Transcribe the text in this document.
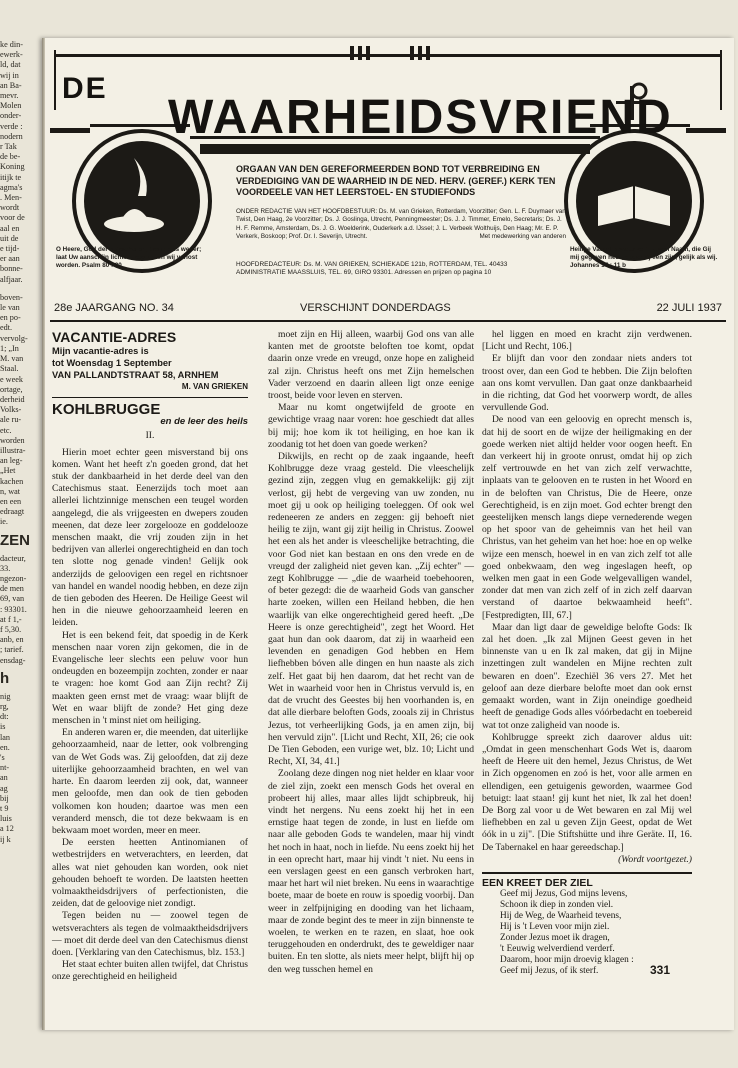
ke din-
ewerk-
ld, dat
wij in
an Ba-
mevr.
Molen
onder-
verde :
nodern
r Tak
de be-
Koning
itijk te
agma's
. Men-
wordt
voor de
aal en
uit de
e tijd-
er aan
bonne-
alfjaar.
boven-
le van
en po-
edt.
vervolg-
1; „In
M. van
Staal.
e week
ortage,
derheid
Volks-
ale ru-
etc.
worden
illustra-
an leg-
„Het
kachen
n, wat
en een
edraagt
ie.
ZEN
dacteur,
33.
ngezon-
de men
69, van
: 93301.
at f 1,-
f 5,30.
anb, en
; tarief.
ensdag-
h
nig
rg,
dt:
is
lan
en.
's
nt-
an
ag
bij
t 9
luis
a 12
ij k
DE
WAARHEIDSVRIEND
ORGAAN VAN DEN GEREFORMEERDEN BOND TOT VERBREIDING EN VERDEDIGING VAN DE WAARHEID IN DE NED. HERV. (GEREF.) KERK TEN VOORDEELE VAN HET LEERSTOEL- EN STUDIEFONDS
ONDER REDACTIE VAN HET HOOFDBESTUUR: Ds. M. van Grieken, Rotterdam, Voorzitter; Gen. L. F. Duymaer van Twist, Den Haag, 2e Voorzitter; Ds. J. Goslinga, Utrecht, Penningmeester; Ds. J. J. Timmer, Emelo, Secretaris; Ds. J. H. F. Remme, Amsterdam, Ds. J. G. Woelderink, Ouderkerk a.d. IJssel; J. L. Verbeek Wolthuijs, Den Haag; Mr. E. P. Verkerk, Boskoop; Prof. Dr. I. Severijn, Utrecht.	Met medewerking van anderen
HOOFDREDACTEUR: Ds. M. VAN GRIEKEN, SCHIEKADE 121b, ROTTERDAM, TEL. 40433
ADMINISTRATIE MAASSLUIS, TEL. 69, GIRO 93301. Adressen en prijzen op pagina 10
O Heere, God der heirscharen, breng ons weder; laat Uw aanschijn lichten, zoo zullen wij verlost worden. Psalm 80 : 20
Heilige Vader! bewaar ze in Uwen Naam, die Gij mij gegeven hebt, opdat zij één zijn, gelijk als wij. Johannes 17 : 11 b
28e JAARGANG NO. 34	VERSCHIJNT DONDERDAGS	22 JULI 1937
VACANTIE-ADRES
Mijn vacantie-adres is
tot Woensdag 1 September
VAN PALLANDTSTRAAT 58, ARNHEM
M. VAN GRIEKEN
KOHLBRUGGE
en de leer des heils
II.

Hierin moet echter geen misverstand bij ons komen. Want het heeft z'n goeden grond, dat het stuk der dankbaarheid in het derde deel van den Catechismus staat. Eenerzijds toch moet aan allerlei lichtzinnige menschen een teugel worden aangelegd, die als vrijgeesten en dwepers zouden meenen, dat deze leer zorgelooze en goddelooze menschen maakt, die vrij zouden zijn in het bedrijven van allerlei ongerechtigheid en dan toch ten slotte nog genade vinden! Gelijk ook anderzijds de geloovigen een regel en richtsnoer van handel en wandel noodig hebben, en deze zijn de tien geboden des Heeren. De Heilige Geest wil hen in die nieuwe gehoorzaamheid leeren en leiden.

Het is een bekend feit, dat spoedig in de Kerk menschen naar voren zijn gekomen, die in de Evangelische leer slechts een peluw voor hun ondeugden en bozeempijn zochten, zonder er naar te vragen: hoe komt God aan Zijn recht? Zij maakten geen ernst met de vraag: waar blijft de Wet en waar blijft de zonde? Het ging deze menschen in 't minst niet om heiliging.

En anderen waren er, die meenden, dat uiterlijke gehoorzaamheid, naar de letter, ook volbrenging van de Wet Gods was. Zij geloofden, dat zij deze uiterlijke gehoorzaamheid brachten, en wel van harte. En daarom leerden zij ook, dat, wanneer men geloofde, men dan ook de tien geboden volkomen kon houden; daartoe was men een veranderd mensch, die tot deze bekwaam is en bekwaam moet worden, meer en meer.

De eersten heetten Antinomianen of wetbestrijders en wetverachters, en leerden, dat alles wat niet gehouden kan worden, ook niet gehouden behoeft te worden. De laatsten heetten volmaaktheidsdrijvers of perfectionisten, die zeiden, dat de geloovige niet zondigt.

Tegen beiden nu — zoowel tegen de wetsverachters als tegen de volmaaktheidsdrijvers — moet dit derde deel van den Catechismus dienst doen. [Verklaring van den Catechismus, blz. 153.]

Het staat echter buiten allen twijfel, dat Christus onze gerechtigheid en heiligheid

moet zijn en Hij alleen, waarbij God ons van alle kanten met de grootste beloften toe komt, opdat daarin onze vrede en vreugd, onze hope en zaligheid zal zijn. Christus heeft ons met Zijn hemelschen Vader verzoend en daarin alleen ligt onze eenige troost, beide voor leven en sterven.

Maar nu komt ongetwijfeld de groote en gewichtige vraag naar voren: hoe geschiedt dat alles bij mij; hoe kom ik tot heiliging, en hoe kan ik zoodanig tot het doen van goede werken?

Dikwijls, en recht op de zaak ingaande, heeft Kohlbrugge deze vraag gesteld. Die vleeschelijk gezind zijn, zeggen vlug en gemakkelijk: gij zijt verlost, gij hebt de vergeving van uw zonden, nu moet gij u ook op heiliging toeleggen. Of ook wel redeneeren ze anders en zeggen: gij behoeft niet heilig te zijn, want gij zijt heilig in Christus. Zoowel het een als het ander is vleeschelijke betrachting, die voor God niet kan bestaan en ons den vrede en de vreugd der zaligheid niet geven kan. „Zij echter" — zegt Kohlbrugge — „die de waarheid toebehooren, of beter gezegd: die de waarheid Gods van ganscher harte zoeken, willen een Heiland hebben, die hen waarlijk van elke ongerechtigheid gered heeft. „De Heere is onze gerechtigheid", zegt het Woord. Het gaat hun dan ook daarom, dat zij in waarheid een levenden en genadigen God hebben en Hem liefhebben bóven alle dingen en hun naaste als zich zelf. Het gaat bij hen daarom, dat het recht van de Wet in waarheid voor hen in Christus vervuld is, en dat de vrucht des Geestes bij hen voorhanden is, en dat alle dierbare beloften Gods, zooals zij in Christus Jezus, tot verheerlijking Gods, ja en amen zijn, bij hen vervuld zijn". [Licht und Recht, XII, 26; cie ook De Tien Geboden, een vurige wet, blz. 10; Licht und Recht, XI, 34, 41.]

Zoolang deze dingen nog niet helder en klaar voor de ziel zijn, zoekt een mensch Gods het overal en probeert hij alles, maar alles lijdt schipbreuk, hij vindt het nergens. Nu eens zoekt hij het in een ernstige haat tegen de zonde, in lust en liefde om naar alle geboden Gods te wandelen, maar hij vindt het noch in haat, noch in liefde. Nu eens zoekt hij het in een oprecht hart, maar hij vindt 't niet. Nu eens in een verslagen geest en een gansch verbroken hart, maar het hart wil niet breken. Nu eens in waarachtige boete, maar de boete en rouw is spoedig voorbij. Dan weer in zelfpijniging en dooding van het lichaam, maar de zonde begint des te meer in zijn binnenste te woelen, te werken en te razen, en slaat, hoe ook teruggehouden en onderdrukt, des te geweldiger naar buiten. En ten slotte, als niets meer helpt, blijft hij op den weg tusschen hemel en

hel liggen en moed en kracht zijn verdwenen. [Licht und Recht, 106.]

Er blijft dan voor den zondaar niets anders tot troost over, dan een God te hebben. Die Zijn beloften aan ons komt vervullen. Dan gaat onze dankbaarheid in die richting, dat God het voorwerp wordt, de alles vervullende God.

De nood van een geloovig en oprecht mensch is, dat hij de soort en de wijze der heiligmaking en der goede werken niet altijd helder voor oogen heeft. En dan verkeert hij in groote onrust, omdat hij op zich zelf vertrouwde en het van zich zelf verwachtte, inplaats van te gelooven en te rusten in het Woord en in de beloften van Christus, Die de Heere, onze Gerechtigheid, is en zijn moet. God echter brengt den geestelijken mensch langs diepe vernederende wegen op het spoor van de geheimnis van het heil van Christus, van het geheim van het hoe: hoe en op welke wijze een mensch, hoewel in en van zich zelf tot alle goed onbekwaam, den weg ingeslagen heeft, op welken men gaat in een Gode welgevalligen wandel, zonder dat men van zich zelf of in zich zelf daarvan verstand of daartoe bekwaamheid heeft". [Festpredigten, III, 67.]

Maar dan ligt daar de geweldige belofte Gods: Ik zal het doen. „Ik zal Mijnen Geest geven in het binnenste van u en Ik zal maken, dat gij in Mijne inzettingen zult wandelen en Mijne rechten zult bewaren en doen". Ezechiël 36 vers 27. Met het geloof aan deze dierbare belofte moet dan ook ernst gemaakt worden, want in Zijn oneindige goedheid heeft de genadige Gods alles vóórbedacht en toebereid wat tot onze zaligheid van noode is.

Kohlbrugge spreekt zich daarover aldus uit: „Omdat in geen menschenhart Gods Wet is, daarom heeft de Heere uit den hemel, Jezus Christus, de Wet in Zich opgenomen en zoó is het, voor alle armen en ellendigen, een getuigenis geworden, waarmee God betuigt: laat staan! gij kunt het niet, Ik zal het doen! De Borg zal voor u de Wet bewaren en zal Mij wel liefhebben en zal u geven Zijn Geest, opdat de Wet óók in u zij". [Die Stiftshütte und ihre Geräte. II, 16. De Tabernakel en haar gereedschap.]

(Wordt voortgezet.)
EEN KREET DER ZIEL
Geef mij Jezus, God mijns levens,
Schoon ik diep in zonden viel.
Hij de Weg, de Waarheid tevens,
Hij is 't Leven voor mijn ziel.
Zonder Jezus moet ik dragen,
't Eeuwig welverdiend verderf.
Daarom, hoor mijn droevig klagen :
Geef mij Jezus, of ik sterf.	331
